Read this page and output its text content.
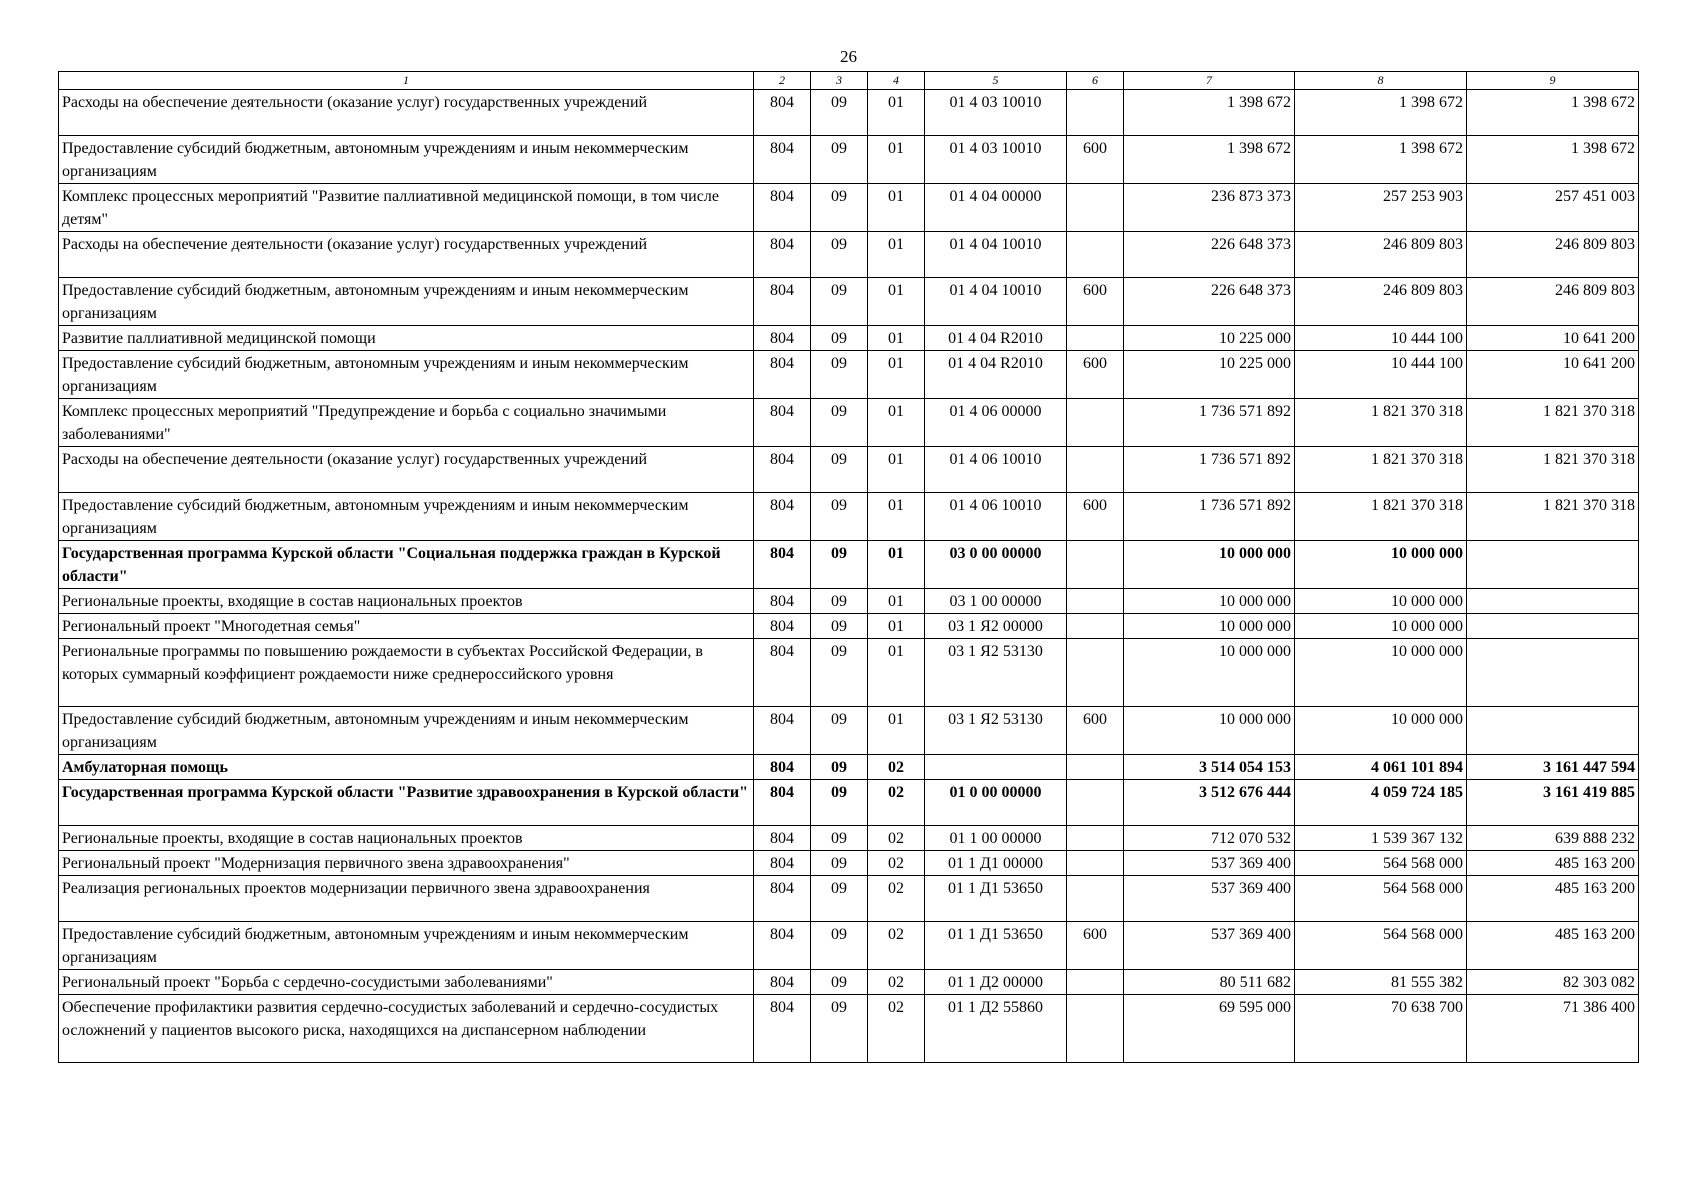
26
1	2	3	4	5	6	7	8	9
Расходы на обеспечение деятельности (оказание услуг) государственных учреждений	804	09	01	01 4 03 10010		1 398 672	1 398 672	1 398 672
Предоставление субсидий бюджетным, автономным учреждениям и иным некоммерческим организациям	804	09	01	01 4 03 10010	600	1 398 672	1 398 672	1 398 672
Комплекс процессных мероприятий "Развитие паллиативной медицинской помощи, в том числе детям"	804	09	01	01 4 04 00000		236 873 373	257 253 903	257 451 003
Расходы на обеспечение деятельности (оказание услуг) государственных учреждений	804	09	01	01 4 04 10010		226 648 373	246 809 803	246 809 803
Предоставление субсидий бюджетным, автономным учреждениям и иным некоммерческим организациям	804	09	01	01 4 04 10010	600	226 648 373	246 809 803	246 809 803
Развитие паллиативной медицинской помощи	804	09	01	01 4 04 R2010		10 225 000	10 444 100	10 641 200
Предоставление субсидий бюджетным, автономным учреждениям и иным некоммерческим организациям	804	09	01	01 4 04 R2010	600	10 225 000	10 444 100	10 641 200
Комплекс процессных мероприятий "Предупреждение и борьба с социально значимыми заболеваниями"	804	09	01	01 4 06 00000		1 736 571 892	1 821 370 318	1 821 370 318
Расходы на обеспечение деятельности (оказание услуг) государственных учреждений	804	09	01	01 4 06 10010		1 736 571 892	1 821 370 318	1 821 370 318
Предоставление субсидий бюджетным, автономным учреждениям и иным некоммерческим организациям	804	09	01	01 4 06 10010	600	1 736 571 892	1 821 370 318	1 821 370 318
Государственная программа Курской области "Социальная поддержка граждан в Курской области"	804	09	01	03 0 00 00000		10 000 000	10 000 000	
Региональные проекты, входящие в состав национальных проектов	804	09	01	03 1 00 00000		10 000 000	10 000 000	
Региональный проект "Многодетная семья"	804	09	01	03 1 Я2 00000		10 000 000	10 000 000	
Региональные программы по повышению рождаемости в субъектах Российской Федерации, в которых суммарный коэффициент рождаемости ниже среднероссийского уровня	804	09	01	03 1 Я2 53130		10 000 000	10 000 000	
Предоставление субсидий бюджетным, автономным учреждениям и иным некоммерческим организациям	804	09	01	03 1 Я2 53130	600	10 000 000	10 000 000	
Амбулаторная помощь	804	09	02			3 514 054 153	4 061 101 894	3 161 447 594
Государственная программа Курской области "Развитие здравоохранения в Курской области"	804	09	02	01 0 00 00000		3 512 676 444	4 059 724 185	3 161 419 885
Региональные проекты, входящие в состав национальных проектов	804	09	02	01 1 00 00000		712 070 532	1 539 367 132	639 888 232
Региональный проект "Модернизация первичного звена здравоохранения"	804	09	02	01 1 Д1 00000		537 369 400	564 568 000	485 163 200
Реализация региональных проектов модернизации первичного звена здравоохранения	804	09	02	01 1 Д1 53650		537 369 400	564 568 000	485 163 200
Предоставление субсидий бюджетным, автономным учреждениям и иным некоммерческим организациям	804	09	02	01 1 Д1 53650	600	537 369 400	564 568 000	485 163 200
Региональный проект "Борьба с сердечно-сосудистыми заболеваниями"	804	09	02	01 1 Д2 00000		80 511 682	81 555 382	82 303 082
Обеспечение профилактики развития сердечно-сосудистых заболеваний и сердечно-сосудистых осложнений у пациентов высокого риска, находящихся на диспансерном наблюдении	804	09	02	01 1 Д2 55860		69 595 000	70 638 700	71 386 400
